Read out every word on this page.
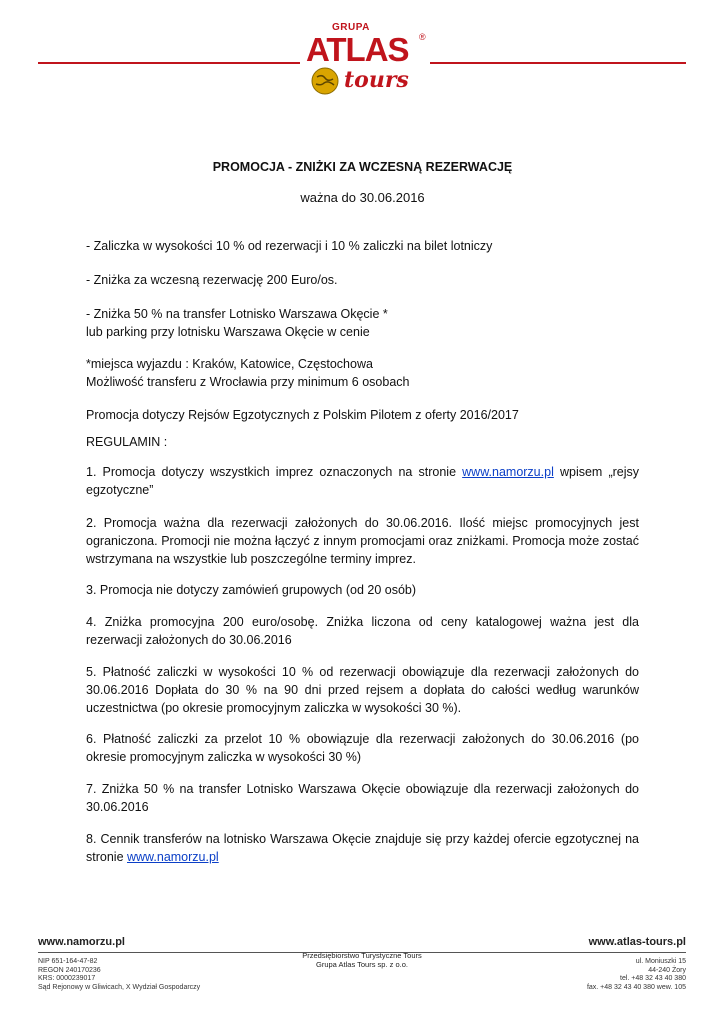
GRUPA
ATLAS ®
tours
PROMOCJA - ZNIŻKI ZA WCZESNĄ REZERWACJĘ
ważna do 30.06.2016
- Zaliczka w wysokości 10 % od rezerwacji i 10 % zaliczki na bilet lotniczy
- Zniżka za wczesną rezerwację 200 Euro/os.

- Zniżka 50 % na transfer Lotnisko Warszawa Okęcie *

lub parking przy lotnisku Warszawa Okęcie w cenie

*miejsca wyjazdu : Kraków, Katowice, Częstochowa

Możliwość transferu z Wrocławia przy minimum 6 osobach

Promocja dotyczy Rejsów Egzotycznych z Polskim Pilotem z oferty 2016/2017
REGULAMIN :
1. Promocja dotyczy wszystkich imprez oznaczonych na stronie www.namorzu.pl wpisem „rejsy egzotyczne”
2. Promocja ważna dla rezerwacji założonych do 30.06.2016. Ilość miejsc promocyjnych jest ograniczona. Promocji nie można łączyć z innym promocjami oraz zniżkami. Promocja może zostać wstrzymana na wszystkie lub poszczególne terminy imprez.
3. Promocja nie dotyczy zamówień grupowych (od 20 osób)
4. Zniżka promocyjna 200 euro/osobę. Zniżka liczona od ceny katalogowej ważna jest dla rezerwacji założonych do 30.06.2016
5. Płatność zaliczki w wysokości 10 % od rezerwacji obowiązuje dla rezerwacji założonych do 30.06.2016 Dopłata do 30 % na 90 dni przed rejsem a dopłata do całości według warunków uczestnictwa (po okresie promocyjnym zaliczka w wysokości 30 %).
6. Płatność zaliczki za przelot 10 % obowiązuje dla rezerwacji założonych do 30.06.2016 (po okresie promocyjnym zaliczka w wysokości 30 %)
7. Zniżka 50 % na transfer Lotnisko Warszawa Okęcie obowiązuje dla rezerwacji założonych do 30.06.2016
8. Cennik transferów na lotnisko Warszawa Okęcie znajduje się przy każdej ofercie egzotycznej na stronie www.namorzu.pl
www.namorzu.pl	www.atlas-tours.pl
Przedsiębiorstwo Turystyczne Tours
Grupa Atlas Tours sp. z o.o.
NIP 651-164-47-82
REGON 240170236
KRS: 0000239017
Sąd Rejonowy w Gliwicach, X Wydział Gospodarczy
ul. Moniuszki 15
44-240 Żory
tel. +48 32 43 40 380
fax. +48 32 43 40 380 wew. 105
